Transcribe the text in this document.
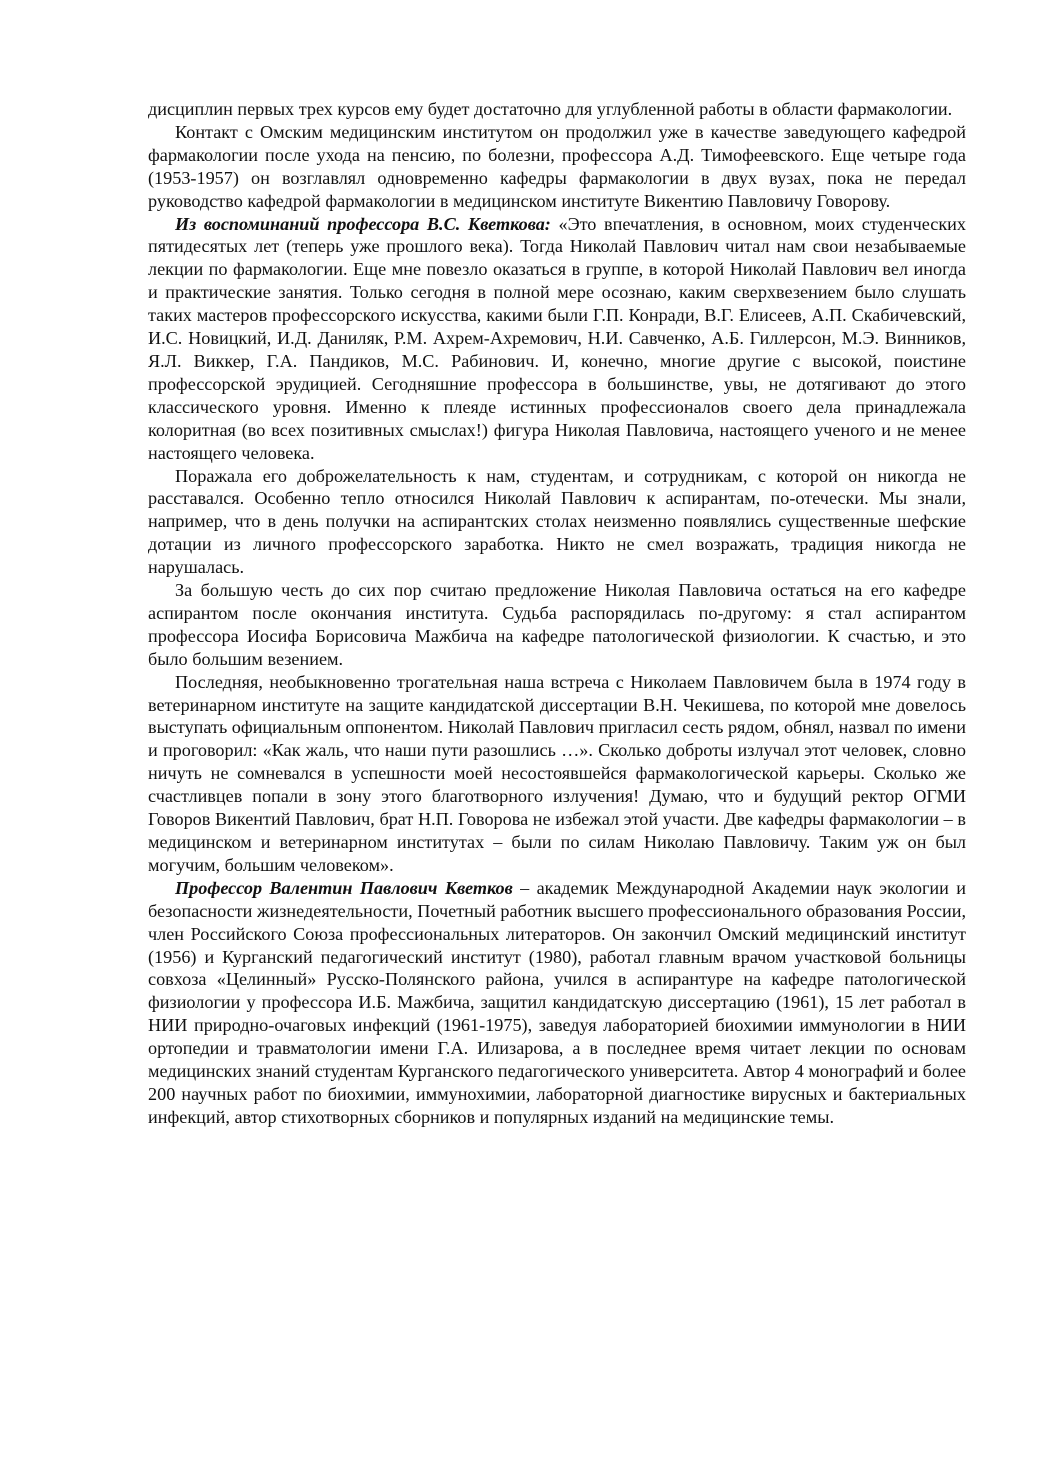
дисциплин первых трех курсов ему будет достаточно для углубленной работы в области фармакологии.

Контакт с Омским медицинским институтом он продолжил уже в качестве заведующего кафедрой фармакологии после ухода на пенсию, по болезни, профессора А.Д. Тимофеевского. Еще четыре года (1953-1957) он возглавлял одновременно кафедры фармакологии в двух вузах, пока не передал руководство кафедрой фармакологии в медицинском институте Викентию Павловичу Говорову.

Из воспоминаний профессора В.С. Кветкова: «Это впечатления, в основном, моих студенческих пятидесятых лет (теперь уже прошлого века). Тогда Николай Павлович читал нам свои незабываемые лекции по фармакологии. Еще мне повезло оказаться в группе, в которой Николай Павлович вел иногда и практические занятия. Только сегодня в полной мере осознаю, каким сверхвезением было слушать таких мастеров профессорского искусства, какими были Г.П. Конради, В.Г. Елисеев, А.П. Скабичевский, И.С. Новицкий, И.Д. Даниляк, Р.М. Ахрем-Ахремович, Н.И. Савченко, А.Б. Гиллерсон, М.Э. Винников, Я.Л. Виккер, Г.А. Пандиков, М.С. Рабинович. И, конечно, многие другие с высокой, поистине профессорской эрудицией. Сегодняшние профессора в большинстве, увы, не дотягивают до этого классического уровня. Именно к плеяде истинных профессионалов своего дела принадлежала колоритная (во всех позитивных смыслах!) фигура Николая Павловича, настоящего ученого и не менее настоящего человека.

Поражала его доброжелательность к нам, студентам, и сотрудникам, с которой он никогда не расставался. Особенно тепло относился Николай Павлович к аспирантам, по-отечески. Мы знали, например, что в день получки на аспирантских столах неизменно появлялись существенные шефские дотации из личного профессорского заработка. Никто не смел возражать, традиция никогда не нарушалась.

За большую честь до сих пор считаю предложение Николая Павловича остаться на его кафедре аспирантом после окончания института. Судьба распорядилась по-другому: я стал аспирантом профессора Иосифа Борисовича Мажбича на кафедре патологической физиологии. К счастью, и это было большим везением.

Последняя, необыкновенно трогательная наша встреча с Николаем Павловичем была в 1974 году в ветеринарном институте на защите кандидатской диссертации В.Н. Чекишева, по которой мне довелось выступать официальным оппонентом. Николай Павлович пригласил сесть рядом, обнял, назвал по имени и проговорил: «Как жаль, что наши пути разошлись …». Сколько доброты излучал этот человек, словно ничуть не сомневался в успешности моей несостоявшейся фармакологической карьеры. Сколько же счастливцев попали в зону этого благотворного излучения! Думаю, что и будущий ректор ОГМИ Говоров Викентий Павлович, брат Н.П. Говорова не избежал этой участи. Две кафедры фармакологии – в медицинском и ветеринарном институтах – были по силам Николаю Павловичу. Таким уж он был могучим, большим человеком».

Профессор Валентин Павлович Кветков – академик Международной Академии наук экологии и безопасности жизнедеятельности, Почетный работник высшего профессионального образования России, член Российского Союза профессиональных литераторов. Он закончил Омский медицинский институт (1956) и Курганский педагогический институт (1980), работал главным врачом участковой больницы совхоза «Целинный» Русско-Полянского района, учился в аспирантуре на кафедре патологической физиологии у профессора И.Б. Мажбича, защитил кандидатскую диссертацию (1961), 15 лет работал в НИИ природно-очаговых инфекций (1961-1975), заведуя лабораторией биохимии иммунологии в НИИ ортопедии и травматологии имени Г.А. Илизарова, а в последнее время читает лекции по основам медицинских знаний студентам Курганского педагогического университета. Автор 4 монографий и более 200 научных работ по биохимии, иммунохимии, лабораторной диагностике вирусных и бактериальных инфекций, автор стихотворных сборников и популярных изданий на медицинские темы.
